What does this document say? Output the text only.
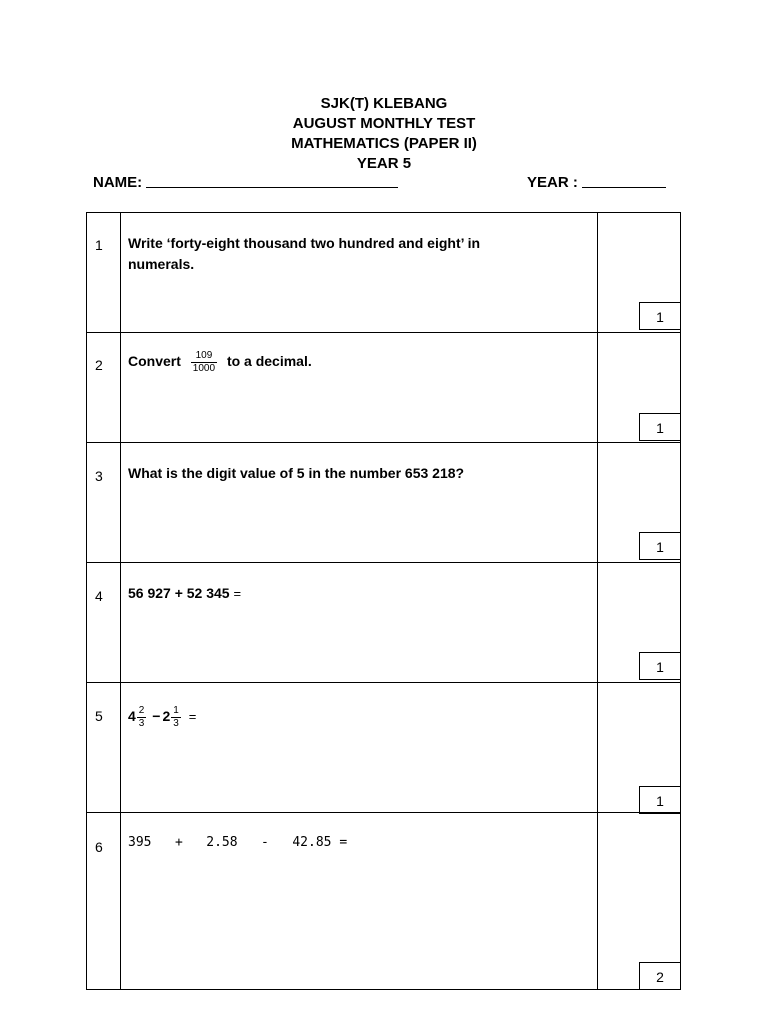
SJK(T) KLEBANG
AUGUST MONTHLY TEST
MATHEMATICS (PAPER II)
YEAR 5
NAME:	YEAR :
1 Write ‘forty-eight thousand two hundred and eight’ in numerals.
1
2 Convert $\frac{109}{1000}$ to a decimal.
1
3 What is the digit value of 5 in the number 653 218?
1
4 56 927 + 52 345 =
1
5 $4 \frac{2}{3} - 2 \frac{1}{3}$ =
1
6 395   +   2.58   -   42.85 =
2
